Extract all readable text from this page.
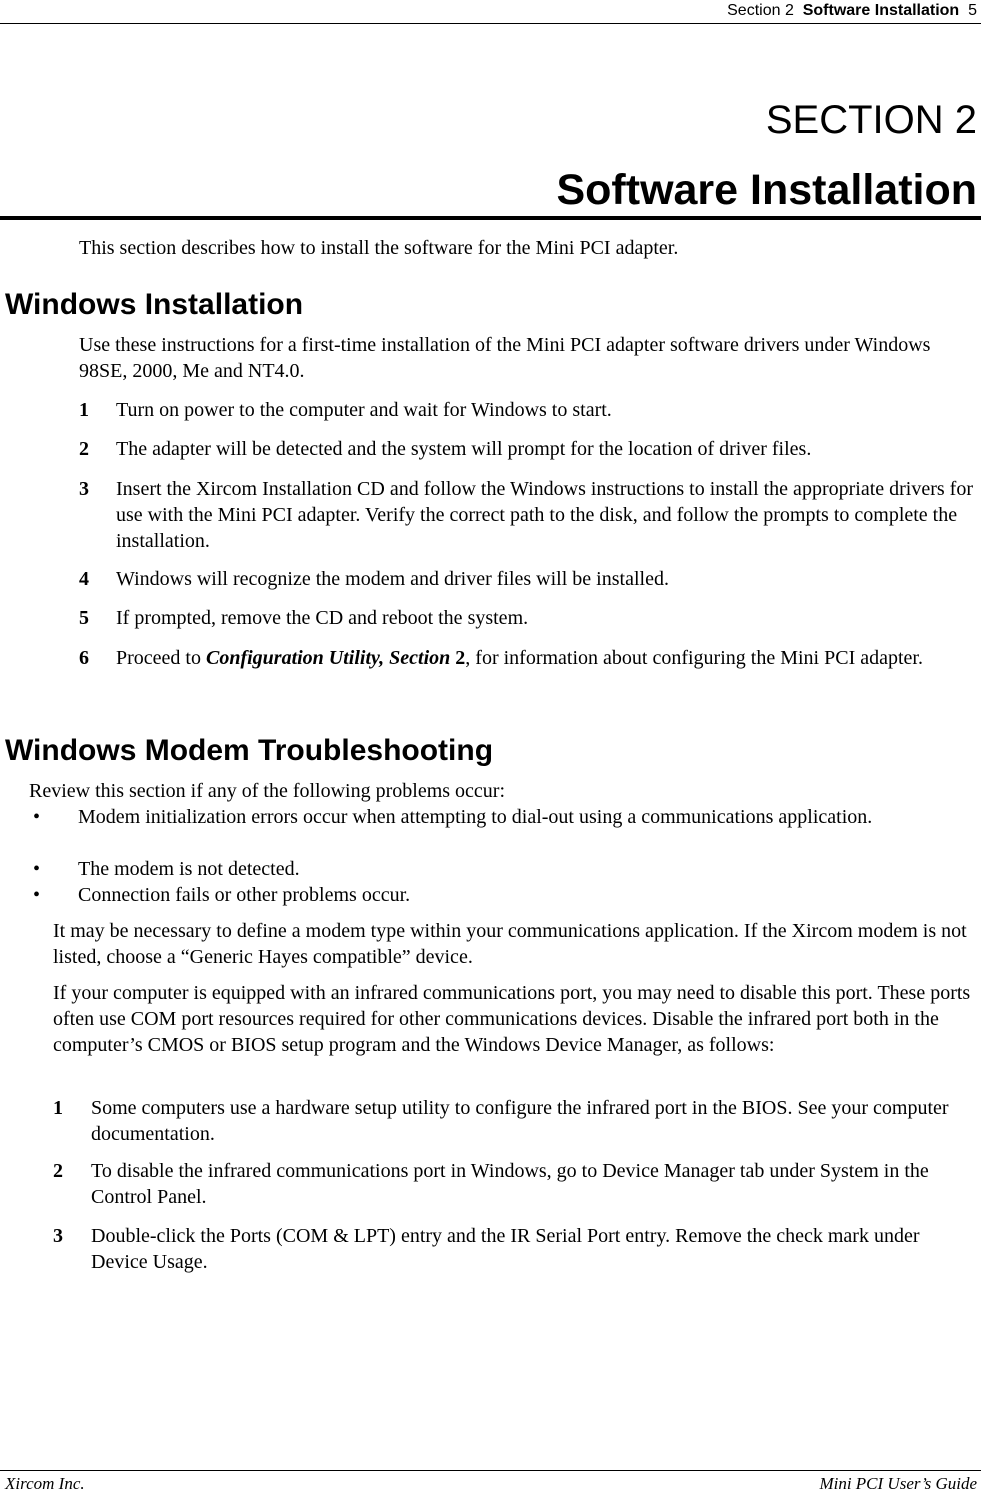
Section 2 Software Installation 5
SECTION 2
Software Installation
This section describes how to install the software for the Mini PCI adapter.
Windows Installation
Use these instructions for a first-time installation of the Mini PCI adapter software drivers under Windows 98SE, 2000, Me and NT4.0.
1 Turn on power to the computer and wait for Windows to start.
2 The adapter will be detected and the system will prompt for the location of driver files.
3 Insert the Xircom Installation CD and follow the Windows instructions to install the appropriate drivers for use with the Mini PCI adapter. Verify the correct path to the disk, and follow the prompts to complete the installation.
4 Windows will recognize the modem and driver files will be installed.
5 If prompted, remove the CD and reboot the system.
6 Proceed to Configuration Utility, Section 2, for information about configuring the Mini PCI adapter.
Windows Modem Troubleshooting
Review this section if any of the following problems occur:
• Modem initialization errors occur when attempting to dial-out using a communications application.
• The modem is not detected.
• Connection fails or other problems occur.
It may be necessary to define a modem type within your communications application. If the Xircom modem is not listed, choose a “Generic Hayes compatible” device.
If your computer is equipped with an infrared communications port, you may need to disable this port. These ports often use COM port resources required for other communications devices. Disable the infrared port both in the computer’s CMOS or BIOS setup program and the Windows Device Manager, as follows:
1 Some computers use a hardware setup utility to configure the infrared port in the BIOS. See your computer documentation.
2 To disable the infrared communications port in Windows, go to Device Manager tab under System in the Control Panel.
3 Double-click the Ports (COM & LPT) entry and the IR Serial Port entry. Remove the check mark under Device Usage.
Xircom Inc.	Mini PCI User’s Guide
